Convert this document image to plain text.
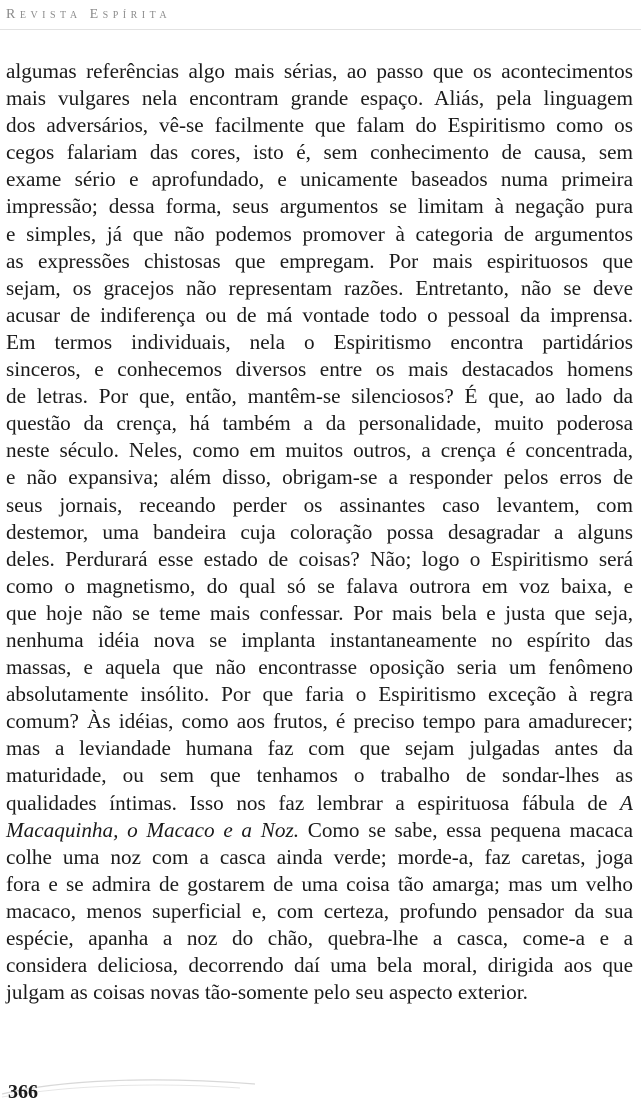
Revista Espírita
algumas referências algo mais sérias, ao passo que os acontecimentos
mais vulgares nela encontram grande espaço. Aliás, pela linguagem
dos adversários, vê-se facilmente que falam do Espiritismo como os
cegos falariam das cores, isto é, sem conhecimento de causa, sem
exame sério e aprofundado, e unicamente baseados numa primeira
impressão; dessa forma, seus argumentos se limitam à negação pura
e simples, já que não podemos promover à categoria de argumentos
as expressões chistosas que empregam. Por mais espirituosos que
sejam, os gracejos não representam razões. Entretanto, não se deve
acusar de indiferença ou de má vontade todo o pessoal da imprensa.
Em termos individuais, nela o Espiritismo encontra partidários
sinceros, e conhecemos diversos entre os mais destacados homens
de letras. Por que, então, mantêm-se silenciosos? É que, ao lado da
questão da crença, há também a da personalidade, muito poderosa
neste século. Neles, como em muitos outros, a crença é concentrada,
e não expansiva; além disso, obrigam-se a responder pelos erros de
seus jornais, receando perder os assinantes caso levantem, com
destemor, uma bandeira cuja coloração possa desagradar a alguns
deles. Perdurará esse estado de coisas? Não; logo o Espiritismo será
como o magnetismo, do qual só se falava outrora em voz baixa, e
que hoje não se teme mais confessar. Por mais bela e justa que seja,
nenhuma idéia nova se implanta instantaneamente no espírito das
massas, e aquela que não encontrasse oposição seria um fenômeno
absolutamente insólito. Por que faria o Espiritismo exceção à regra
comum? Às idéias, como aos frutos, é preciso tempo para amadurecer;
mas a leviandade humana faz com que sejam julgadas antes da
maturidade, ou sem que tenhamos o trabalho de sondar-lhes as
qualidades íntimas. Isso nos faz lembrar a espirituosa fábula de A
Macaquinha, o Macaco e a Noz. Como se sabe, essa pequena macaca
colhe uma noz com a casca ainda verde; morde-a, faz caretas, joga
fora e se admira de gostarem de uma coisa tão amarga; mas um velho
macaco, menos superficial e, com certeza, profundo pensador da sua
espécie, apanha a noz do chão, quebra-lhe a casca, come-a e a
considera deliciosa, decorrendo daí uma bela moral, dirigida aos que
julgam as coisas novas tão-somente pelo seu aspecto exterior.
366
